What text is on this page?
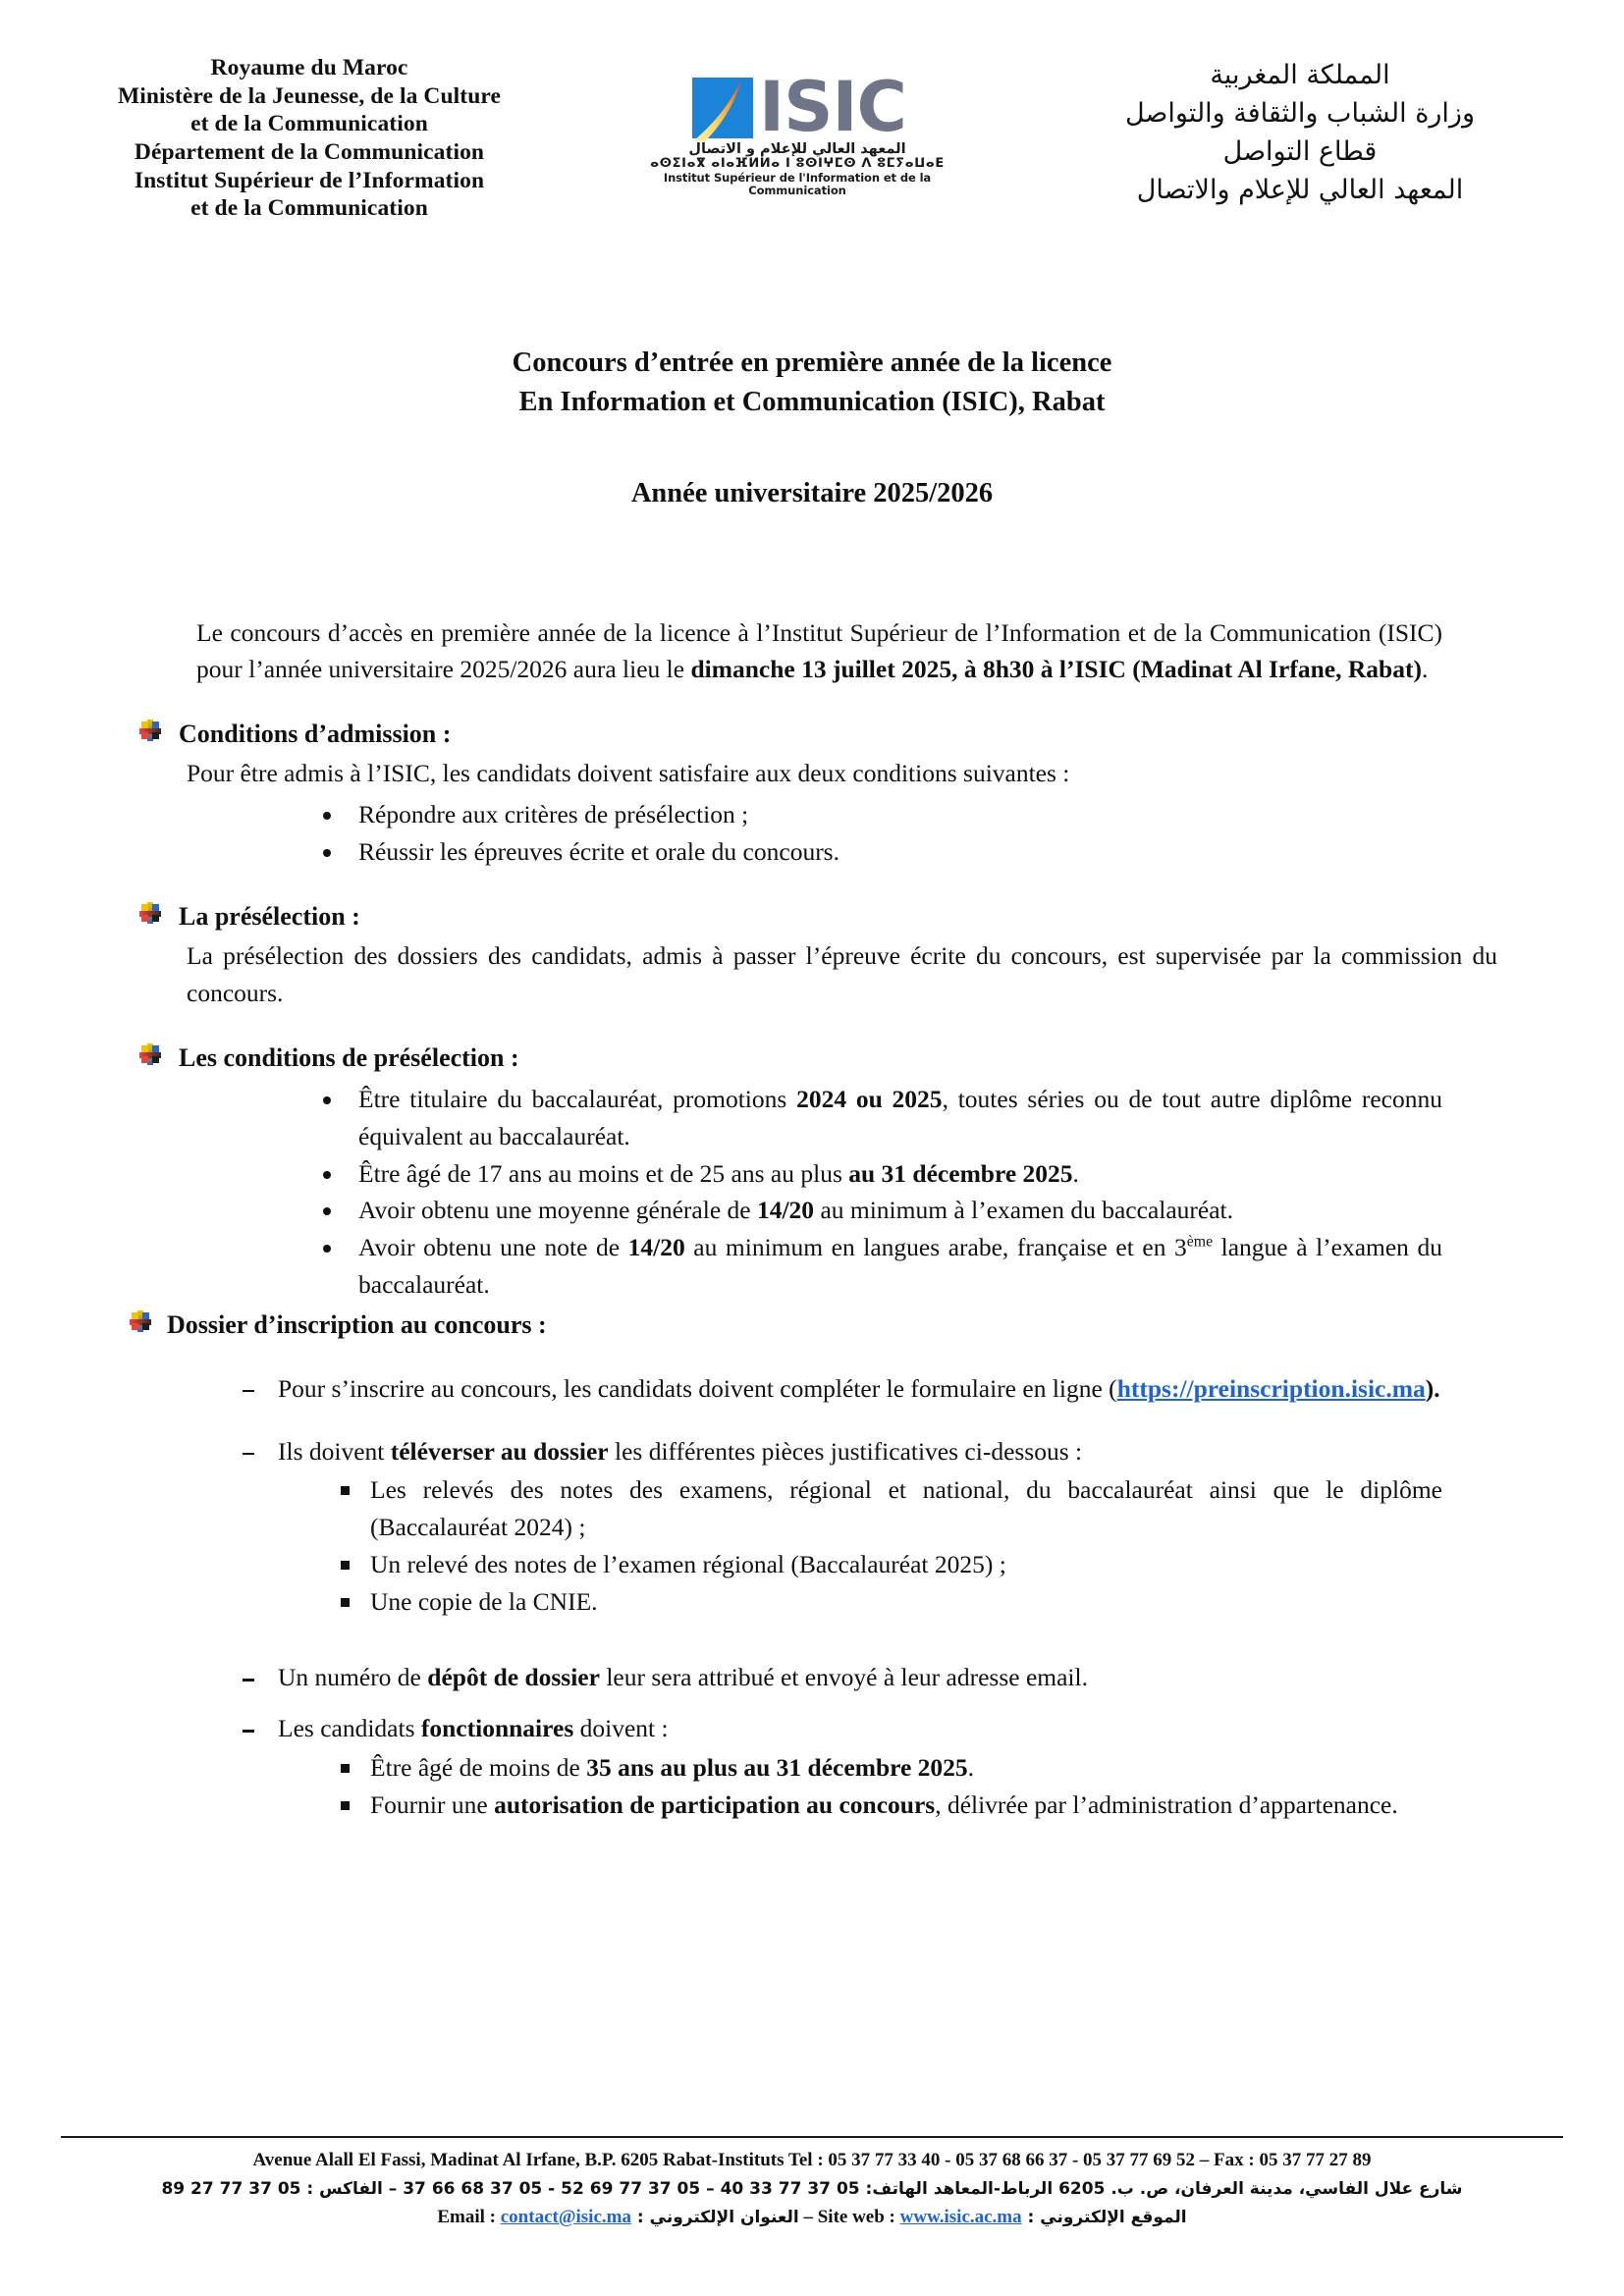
Royaume du Maroc
Ministère de la Jeunesse, de la Culture
et de la Communication
Département de la Communication
Institut Supérieur de l’Information
et de la Communication
ISIC
المعهد العالي للإعلام و الاتصال
ⴰⵙⵉⵏⴰⴳ ⴰⵏⴰⴼⵍⵍⴰ ⵏ ⵓⵙⵏⵖⵎⵙ ⴷ ⵓⵎⵢⴰⵡⴰⴹ
Institut Supérieur de l'Information et de la Communication
المملكة المغربية
وزارة الشباب والثقافة والتواصل
قطاع التواصل
المعهد العالي للإعلام والاتصال
Concours d’entrée en première année de la licence
En Information et Communication (ISIC), Rabat
Année universitaire 2025/2026

Le concours d’accès en première année de la licence à l’Institut Supérieur de l’Information et de la Communication (ISIC) pour l’année universitaire 2025/2026 aura lieu le dimanche 13 juillet 2025, à 8h30 à l’ISIC (Madinat Al Irfane, Rabat).

Conditions d’admission :
Pour être admis à l’ISIC, les candidats doivent satisfaire aux deux conditions suivantes :
Répondre aux critères de présélection ;
Réussir les épreuves écrite et orale du concours.
La présélection :
La présélection des dossiers des candidats, admis à passer l’épreuve écrite du concours, est supervisée par la commission du concours.
Les conditions de présélection :
Être titulaire du baccalauréat, promotions 2024 ou 2025, toutes séries ou de tout autre diplôme reconnu équivalent au baccalauréat.
Être âgé de 17 ans au moins et de 25 ans au plus au 31 décembre 2025.
Avoir obtenu une moyenne générale de 14/20 au minimum à l’examen du baccalauréat.
Avoir obtenu une note de 14/20 au minimum en langues arabe, française et en 3ème langue à l’examen du baccalauréat.
Dossier d’inscription au concours :
Pour s’inscrire au concours, les candidats doivent compléter le formulaire en ligne (https://preinscription.isic.ma).
Ils doivent téléverser au dossier les différentes pièces justificatives ci-dessous :
Les relevés des notes des examens, régional et national, du baccalauréat ainsi que le diplôme (Baccalauréat 2024) ;
Un relevé des notes de l’examen régional (Baccalauréat 2025) ;
Une copie de la CNIE.
Un numéro de dépôt de dossier leur sera attribué et envoyé à leur adresse email.
Les candidats fonctionnaires doivent :
Être âgé de moins de 35 ans au plus au 31 décembre 2025.
Fournir une autorisation de participation au concours, délivrée par l’administration d’appartenance.
Avenue Alall El Fassi, Madinat Al Irfane, B.P. 6205 Rabat-Instituts Tel : 05 37 77 33 40 - 05 37 68 66 37 - 05 37 77 69 52 – Fax : 05 37 77 27 89
شارع علال الفاسي، مدينة العرفان، ص. ب. 6205 الرباط-المعاهد الهاتف: 05 37 77 33 40 – 05 37 77 69 52 - 05 37 68 66 37 – الفاكس : 05 37 77 27 89
Email : contact@isic.ma : العنوان الإلكتروني – Site web : www.isic.ac.ma : الموقع الإلكتروني
